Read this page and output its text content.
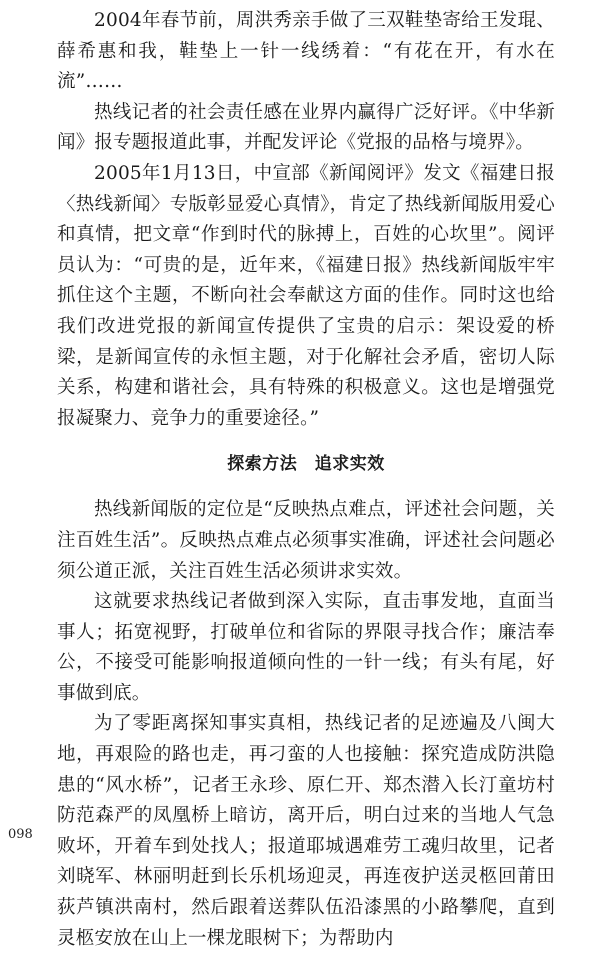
2004年春节前，周洪秀亲手做了三双鞋垫寄给王发琨、薛希惠和我，鞋垫上一针一线绣着：“有花在开，有水在流”……

热线记者的社会责任感在业界内赢得广泛好评。《中华新闻》报专题报道此事，并配发评论《党报的品格与境界》。

2005年1月13日，中宣部《新闻阅评》发文《福建日报〈热线新闻〉专版彰显爱心真情》，肯定了热线新闻版用爱心和真情，把文章“作到时代的脉搏上，百姓的心坎里”。阅评员认为：“可贵的是，近年来，《福建日报》热线新闻版牢牢抓住这个主题，不断向社会奉献这方面的佳作。同时这也给我们改进党报的新闻宣传提供了宝贵的启示：架设爱的桥梁，是新闻宣传的永恒主题，对于化解社会矛盾，密切人际关系，构建和谐社会，具有特殊的积极意义。这也是增强党报凝聚力、竞争力的重要途径。”

探索方法　追求实效

热线新闻版的定位是“反映热点难点，评述社会问题，关注百姓生活”。反映热点难点必须事实准确，评述社会问题必须公道正派，关注百姓生活必须讲求实效。

这就要求热线记者做到深入实际，直击事发地，直面当事人；拓宽视野，打破单位和省际的界限寻找合作；廉洁奉公，不接受可能影响报道倾向性的一针一线；有头有尾，好事做到底。

为了零距离探知事实真相，热线记者的足迹遍及八闽大地，再艰险的路也走，再刁蛮的人也接触：探究造成防洪隐患的“风水桥”，记者王永珍、原仁开、郑杰潜入长汀童坊村防范森严的凤凰桥上暗访，离开后，明白过来的当地人气急败坏，开着车到处找人；报道耶城遇难劳工魂归故里，记者刘晓军、林丽明赶到长乐机场迎灵，再连夜护送灵柩回莆田荻芦镇洪南村，然后跟着送葬队伍沿漆黑的小路攀爬，直到灵柩安放在山上一棵龙眼树下；为帮助内

098
